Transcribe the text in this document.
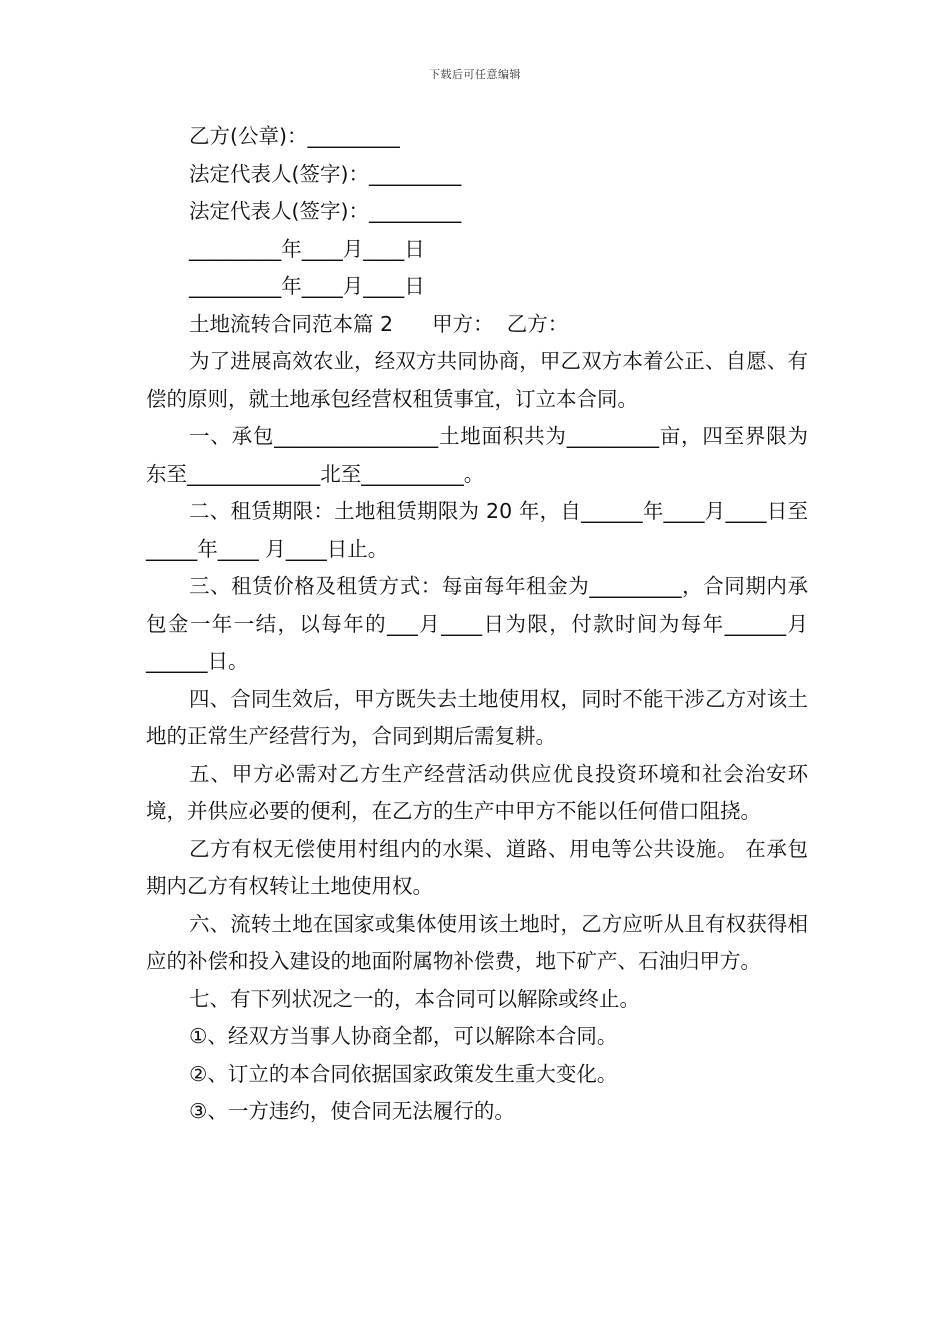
下载后可任意编辑
乙方(公章)：_________
法定代表人(签字)：_________
法定代表人(签字)：_________
_________年____月____日
_________年____月____日
土地流转合同范本篇 2      甲方：  乙方：
为了进展高效农业，经双方共同协商，甲乙双方本着公正、自愿、有偿的原则，就土地承包经营权租赁事宜，订立本合同。
一、承包________________土地面积共为_________亩，四至界限为东至_____________北至__________。
二、租赁期限：土地租赁期限为 20 年，自______年____月____日至_____年____ 月____日止。
三、租赁价格及租赁方式：每亩每年租金为_________，合同期内承包金一年一结，以每年的___月____日为限，付款时间为每年______月______日。
四、合同生效后，甲方既失去土地使用权，同时不能干涉乙方对该土地的正常生产经营行为，合同到期后需复耕。
五、甲方必需对乙方生产经营活动供应优良投资环境和社会治安环境，并供应必要的便利，在乙方的生产中甲方不能以任何借口阻挠。
乙方有权无偿使用村组内的水渠、道路、用电等公共设施。 在承包期内乙方有权转让土地使用权。
六、流转土地在国家或集体使用该土地时，乙方应听从且有权获得相应的补偿和投入建设的地面附属物补偿费，地下矿产、石油归甲方。
七、有下列状况之一的，本合同可以解除或终止。
①、经双方当事人协商全都，可以解除本合同。
②、订立的本合同依据国家政策发生重大变化。
③、一方违约，使合同无法履行的。
